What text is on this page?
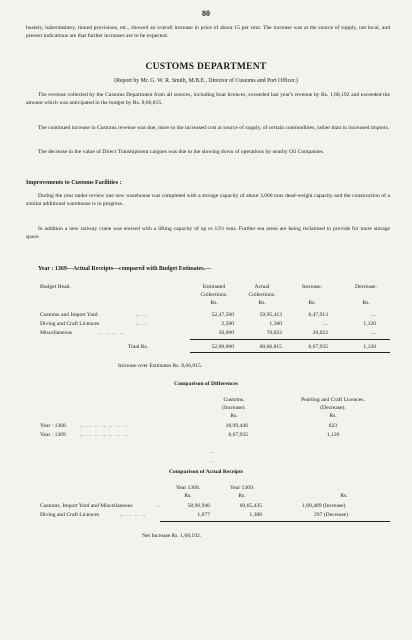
80
hosiery, haberdashery, tinned provisions, etc., showed an overall increase in price of about 15 per cent. The increase was at the source of supply, not local, and present indications are that further increases are to be expected.
CUSTOMS DEPARTMENT
(Report by Mr. G. W. R. Smith, M.B.E., Director of Customs and Port Officer.)
The revenue collected by the Customs Department from all sources, including boat licences, exceeded last year's revenue by Rs. 1,68,192 and exceeded the amount which was anticipated in the budget by Rs. 8,66,815.
The continued increase in Customs revenue was due, more to the increased cost at source of supply, of certain commodities, rather than to increased imports.
The decrease in the value of Direct Transhipment cargoes was due to the slowing down of operations by nearby Oil Companies.
Improvements to Customs Facilities :
During the year under review one new warehouse was completed with a storage capacity of about 3,000 tons dead-weight capacity and the construction of a similar additional warehouse is in progress.
In addition a new railway crane was erected with a lifting capacity of up to 12½ tons. Further sea areas are being reclaimed to provide for more storage space.
Year : 1369—Actual Receipts—compared with Budget Estimates.—
Budget Head.	Estimated
Collections.
Actual
Collections.
Increase.	Decrease.
Rs.	Rs.	Rs.	Rs.
Customs and Import Yard	.. ..	52,47,500	59,95,413	8,47,913	....
Diving and Craft Licences	.. ..	2,500	1,380	....	1,120
Miscellaneous	.. .. .. ..	50,000	70,022	20,022	....
Total Rs.	52,00,000	60,66,815	8,67,935	1,120
Increase over Estimates Rs. 8,66,815.
Comparison of Differences
Customs.
(Increase).
Rs.
Pearling and Craft Licences.
(Decrease).
Rs.
Year : 1368	.. .. .. .. .. .. ..	18,99,446	823
Year : 1369	.. .. .. .. .. .. ..	8,67,935	1,120
..
..
Comparison of Actual Receipts
Year 1368.	Year 1369.
Rs.	Rs.	Rs.
Customs, Import Yard and Miscellaneous	..	58,96,946	60,65,435	1,68,489 (Increase)
Diving and Craft Licences	.. .. .. ..	1,677	1,388	297 (Decrease)
Net Increase Rs. 1,68,192.
